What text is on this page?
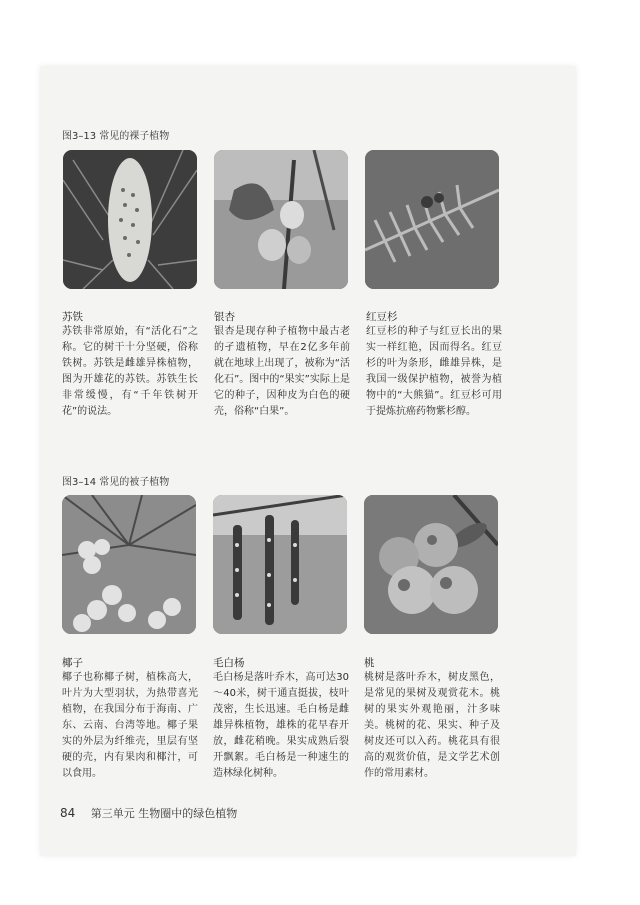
图3–13 常见的裸子植物
苏铁	银杏	红豆杉
苏铁非常原始，有“活化石”之称。它的树干十分坚硬，俗称铁树。苏铁是雌雄异株植物，图为开雄花的苏铁。苏铁生长非常缓慢，有“千年铁树开花”的说法。
银杏是现存种子植物中最古老的孑遗植物，早在2亿多年前就在地球上出现了，被称为“活化石”。图中的“果实”实际上是它的种子，因种皮为白色的硬壳，俗称“白果”。
红豆杉的种子与红豆长出的果实一样红艳，因而得名。红豆杉的叶为条形，雌雄异株，是我国一级保护植物，被誉为植物中的“大熊猫”。红豆杉可用于提炼抗癌药物紫杉醇。
图3–14 常见的被子植物
椰子	毛白杨	桃
椰子也称椰子树，植株高大，叶片为大型羽状，为热带喜光植物，在我国分布于海南、广东、云南、台湾等地。椰子果实的外层为纤维壳，里层有坚硬的壳，内有果肉和椰汁，可以食用。
毛白杨是落叶乔木，高可达30～40米，树干通直挺拔，枝叶茂密，生长迅速。毛白杨是雌雄异株植物，雄株的花早春开放，雌花稍晚。果实成熟后裂开飘絮。毛白杨是一种速生的造林绿化树种。
桃树是落叶乔木，树皮黑色，是常见的果树及观赏花木。桃树的果实外观艳丽，汁多味美。桃树的花、果实、种子及树皮还可以入药。桃花具有很高的观赏价值，是文学艺术创作的常用素材。
84 第三单元 生物圈中的绿色植物
